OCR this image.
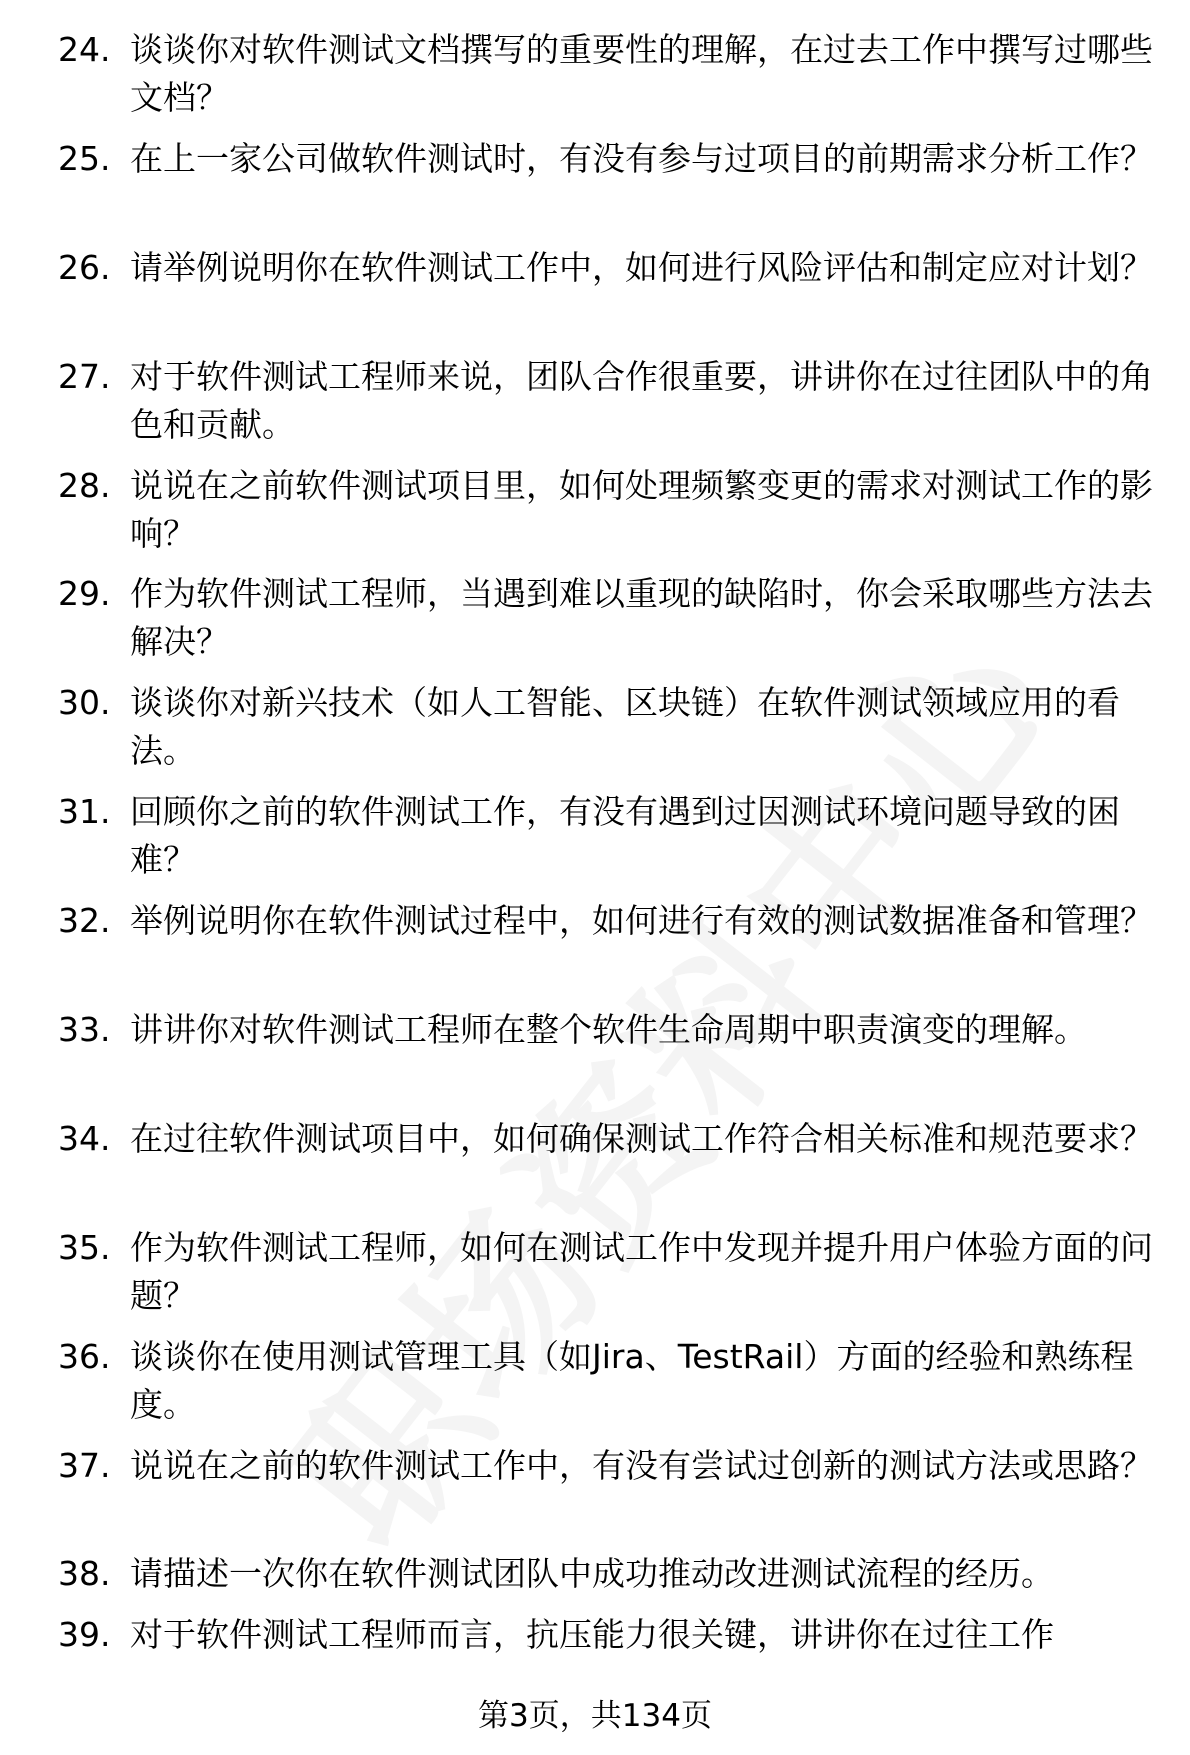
24. 谈谈你对软件测试文档撰写的重要性的理解，在过去工作中撰写过哪些文档？
25. 在上一家公司做软件测试时，有没有参与过项目的前期需求分析工作？
26. 请举例说明你在软件测试工作中，如何进行风险评估和制定应对计划？
27. 对于软件测试工程师来说，团队合作很重要，讲讲你在过往团队中的角色和贡献。
28. 说说在之前软件测试项目里，如何处理频繁变更的需求对测试工作的影响？
29. 作为软件测试工程师，当遇到难以重现的缺陷时，你会采取哪些方法去解决？
30. 谈谈你对新兴技术（如人工智能、区块链）在软件测试领域应用的看法。
31. 回顾你之前的软件测试工作，有没有遇到过因测试环境问题导致的困难？
32. 举例说明你在软件测试过程中，如何进行有效的测试数据准备和管理？
33. 讲讲你对软件测试工程师在整个软件生命周期中职责演变的理解。
34. 在过往软件测试项目中，如何确保测试工作符合相关标准和规范要求？
35. 作为软件测试工程师，如何在测试工作中发现并提升用户体验方面的问题？
36. 谈谈你在使用测试管理工具（如Jira、TestRail）方面的经验和熟练程度。
37. 说说在之前的软件测试工作中，有没有尝试过创新的测试方法或思路？
38. 请描述一次你在软件测试团队中成功推动改进测试流程的经历。
39. 对于软件测试工程师而言，抗压能力很关键，讲讲你在过往工作
第3页，共134页
